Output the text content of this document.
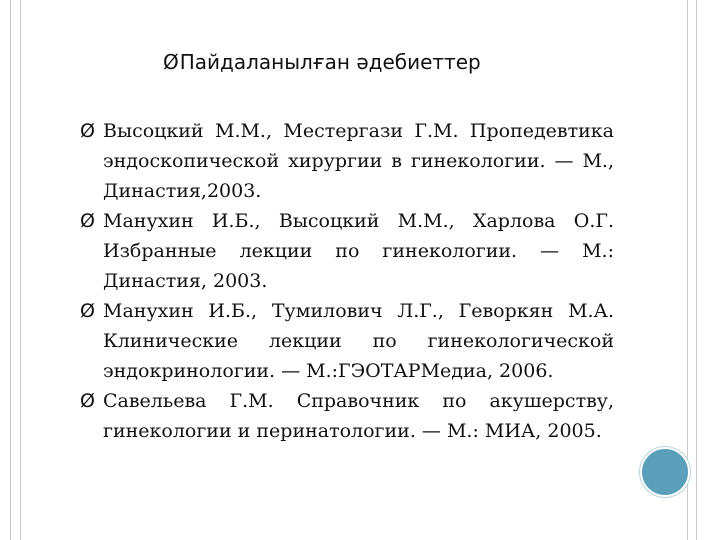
ØПайдаланылған әдебиеттер
Ø Высоцкий М.М., Местергази Г.М. Пропедевтика эндоскопической хирургии в гинекологии. — М., Династия,2003.
Ø Манухин И.Б., Высоцкий М.М., Харлова О.Г. Избранные лекции по гинекологии. — М.: Династия, 2003.
Ø Манухин И.Б., Тумилович Л.Г., Геворкян М.А. Клинические лекции по гинекологической эндокринологии. — М.:ГЭОТАРМедиа, 2006.
Ø Савельева Г.М. Справочник по акушерству, гинекологии и перинатологии. — М.: МИА, 2005.
